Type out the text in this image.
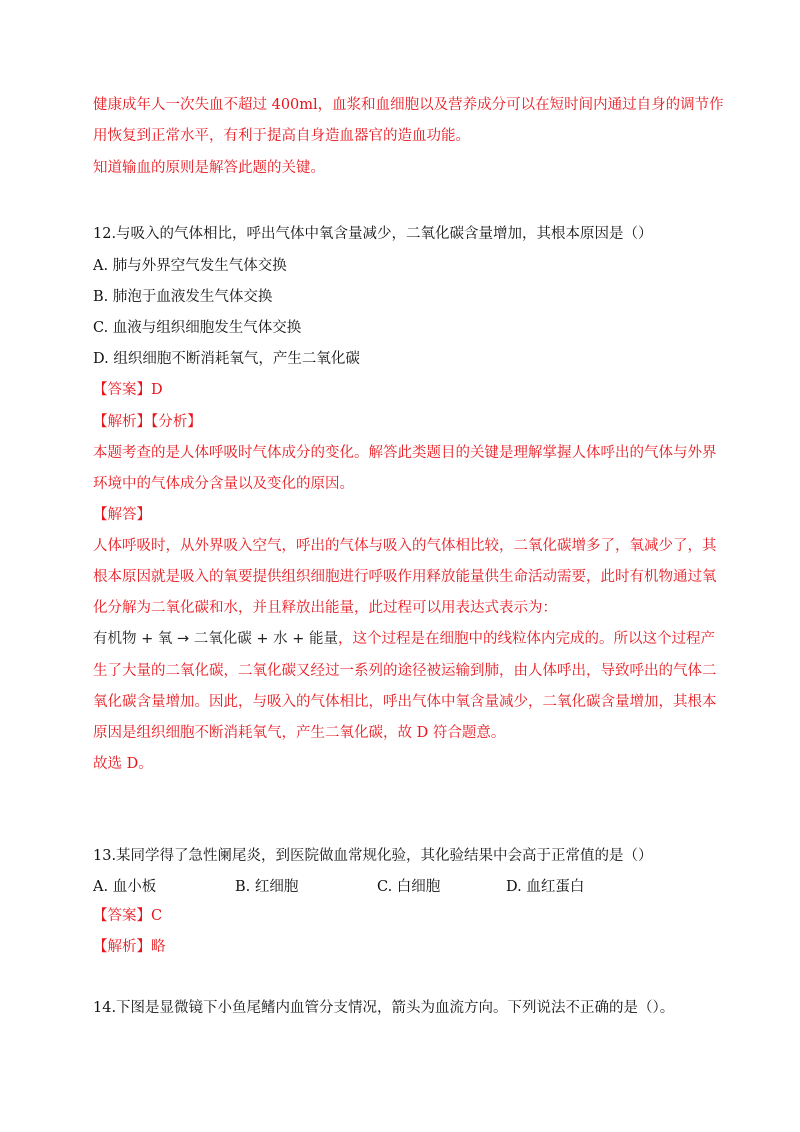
健康成年人一次失血不超过 400ml，血浆和血细胞以及营养成分可以在短时间内通过自身的调节作
用恢复到正常水平，有利于提高自身造血器官的造血功能。
知道输血的原则是解答此题的关键。
12.与吸入的气体相比，呼出气体中氧含量减少，二氧化碳含量增加，其根本原因是（）
A. 肺与外界空气发生气体交换
B. 肺泡于血液发生气体交换
C. 血液与组织细胞发生气体交换
D. 组织细胞不断消耗氧气，产生二氧化碳
【答案】D
【解析】【分析】
本题考查的是人体呼吸时气体成分的变化。解答此类题目的关键是理解掌握人体呼出的气体与外界
环境中的气体成分含量以及变化的原因。
【解答】
人体呼吸时，从外界吸入空气，呼出的气体与吸入的气体相比较，二氧化碳增多了，氧减少了，其
根本原因就是吸入的氧要提供组织细胞进行呼吸作用释放能量供生命活动需要，此时有机物通过氧
化分解为二氧化碳和水，并且释放出能量，此过程可以用表达式表示为：
有机物 + 氧 → 二氧化碳 + 水 + 能量，这个过程是在细胞中的线粒体内完成的。所以这个过程产
生了大量的二氧化碳，二氧化碳又经过一系列的途径被运输到肺，由人体呼出，导致呼出的气体二
氧化碳含量增加。因此，与吸入的气体相比，呼出气体中氧含量减少，二氧化碳含量增加，其根本
原因是组织细胞不断消耗氧气，产生二氧化碳，故 D 符合题意。
故选 D。
13.某同学得了急性阑尾炎，到医院做血常规化验，其化验结果中会高于正常值的是（）
A. 血小板	B. 红细胞	C. 白细胞	D. 血红蛋白
【答案】C
【解析】略
14.下图是显微镜下小鱼尾鳍内血管分支情况，箭头为血流方向。下列说法不正确的是（）。
